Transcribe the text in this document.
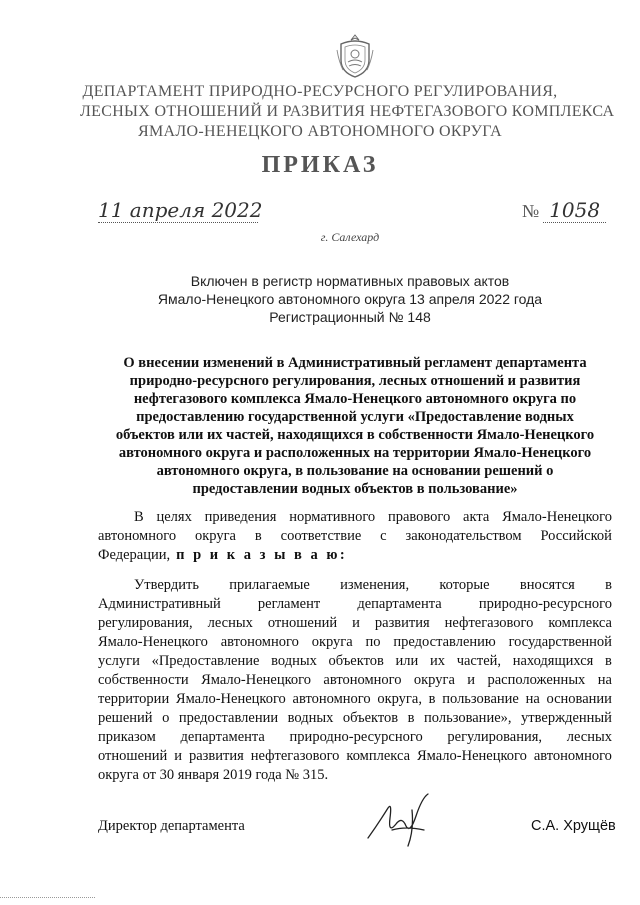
ДЕПАРТАМЕНТ ПРИРОДНО-РЕСУРСНОГО РЕГУЛИРОВАНИЯ,
ЛЕСНЫХ ОТНОШЕНИЙ И РАЗВИТИЯ НЕФТЕГАЗОВОГО КОМПЛЕКСА
ЯМАЛО-НЕНЕЦКОГО АВТОНОМНОГО ОКРУГА
ПРИКАЗ
11 апреля 2022	№ 1058
г. Салехард
Включен в регистр нормативных правовых актов
Ямало-Ненецкого автономного округа 13 апреля 2022 года
Регистрационный № 148
О внесении изменений в Административный регламент департамента
природно-ресурсного регулирования, лесных отношений и развития
нефтегазового комплекса Ямало-Ненецкого автономного округа по
предоставлению государственной услуги «Предоставление водных
объектов или их частей, находящихся в собственности Ямало-Ненецкого
автономного округа и расположенных на территории Ямало-Ненецкого
автономного округа, в пользование на основании решений о
предоставлении водных объектов в пользование»
В целях приведения нормативного правового акта Ямало-Ненецкого
автономного округа в соответствие с законодательством Российской
Федерации, п р и к а з ы в а ю:
Утвердить прилагаемые изменения, которые вносятся в
Административный	регламент	департамента	природно-ресурсного
регулирования, лесных отношений и развития нефтегазового комплекса
Ямало-Ненецкого автономного округа по предоставлению государственной
услуги «Предоставление водных объектов или их частей, находящихся в
собственности Ямало-Ненецкого автономного округа и расположенных на
территории Ямало-Ненецкого автономного округа, в пользование на основании
решений о предоставлении водных объектов в пользование», утвержденный
приказом департамента природно-ресурсного регулирования, лесных
отношений и развития нефтегазового комплекса Ямало-Ненецкого автономного
округа от 30 января 2019 года № 315.
Директор департамента	С.А. Хрущёв
